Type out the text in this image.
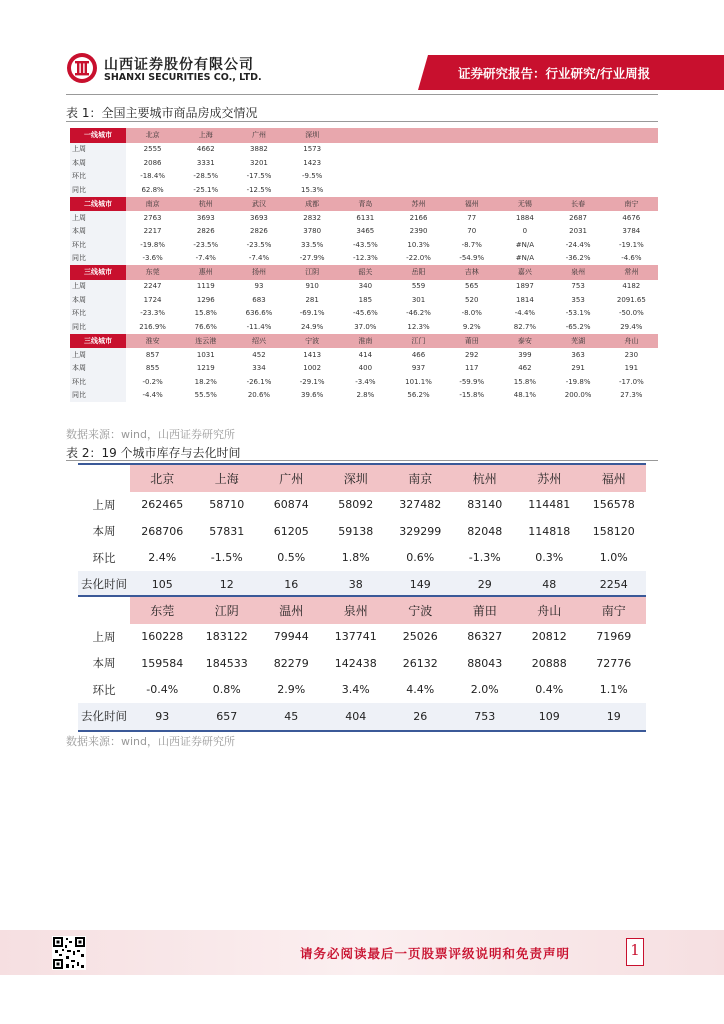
山西证券股份有限公司
SHANXI SECURITIES CO., LTD.	证券研究报告：行业研究/行业周报
表 1：全国主要城市商品房成交情况
一线城市	北京	上海	广州	深圳						
上周	2555	4662	3882	1573						
本周	2086	3331	3201	1423						
环比	-18.4%	-28.5%	-17.5%	-9.5%						
同比	62.8%	-25.1%	-12.5%	15.3%						
二线城市	南京	杭州	武汉	成都	青岛	苏州	福州	无锡	长春	南宁
上周	2763	3693	3693	2832	6131	2166	77	1884	2687	4676
本周	2217	2826	2826	3780	3465	2390	70	0	2031	3784
环比	-19.8%	-23.5%	-23.5%	33.5%	-43.5%	10.3%	-8.7%	#N/A	-24.4%	-19.1%
同比	-3.6%	-7.4%	-7.4%	-27.9%	-12.3%	-22.0%	-54.9%	#N/A	-36.2%	-4.6%
三线城市	东莞	惠州	扬州	江阴	韶关	岳阳	吉林	嘉兴	泉州	常州
上周	2247	1119	93	910	340	559	565	1897	753	4182
本周	1724	1296	683	281	185	301	520	1814	353	2091.65
环比	-23.3%	15.8%	636.6%	-69.1%	-45.6%	-46.2%	-8.0%	-4.4%	-53.1%	-50.0%
同比	216.9%	76.6%	-11.4%	24.9%	37.0%	12.3%	9.2%	82.7%	-65.2%	29.4%
三线城市	淮安	连云港	绍兴	宁波	淮南	江门	莆田	泰安	芜湖	舟山
上周	857	1031	452	1413	414	466	292	399	363	230
本周	855	1219	334	1002	400	937	117	462	291	191
环比	-0.2%	18.2%	-26.1%	-29.1%	-3.4%	101.1%	-59.9%	15.8%	-19.8%	-17.0%
同比	-4.4%	55.5%	20.6%	39.6%	2.8%	56.2%	-15.8%	48.1%	200.0%	27.3%
数据来源：wind，山西证券研究所
表 2：19 个城市库存与去化时间
	北京	上海	广州	深圳	南京	杭州	苏州	福州
上周	262465	58710	60874	58092	327482	83140	114481	156578
本周	268706	57831	61205	59138	329299	82048	114818	158120
环比	2.4%	-1.5%	0.5%	1.8%	0.6%	-1.3%	0.3%	1.0%
去化时间	105	12	16	38	149	29	48	2254
	东莞	江阴	温州	泉州	宁波	莆田	舟山	南宁
上周	160228	183122	79944	137741	25026	86327	20812	71969
本周	159584	184533	82279	142438	26132	88043	20888	72776
环比	-0.4%	0.8%	2.9%	3.4%	4.4%	2.0%	0.4%	1.1%
去化时间	93	657	45	404	26	753	109	19
数据来源：wind，山西证券研究所
请务必阅读最后一页股票评级说明和免责声明	1
